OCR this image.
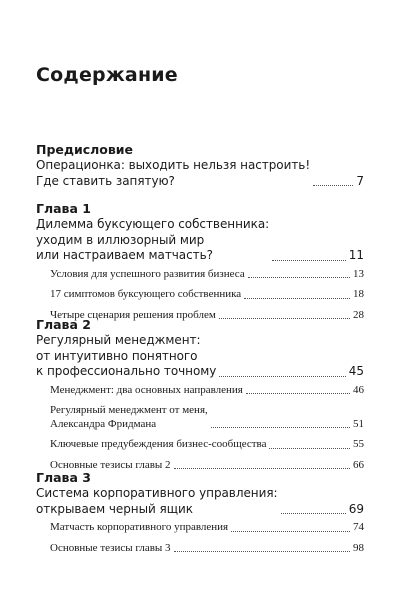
Содержание
Предисловие
Операционка: выходить нельзя настроить!
Где ставить запятую?	7
Глава 1
Дилемма буксующего собственника:
уходим в иллюзорный мир
или настраиваем матчасть?	11
Условия для успешного развития бизнеса	13
17 симптомов буксующего собственника	18
Четыре сценария решения проблем	28
Глава 2
Регулярный менеджмент:
от интуитивно понятного
к профессионально точному	45
Менеджмент: два основных направления	46
Регулярный менеджмент от меня,
Александра Фридмана	51
Ключевые предубеждения бизнес-сообщества	55
Основные тезисы главы 2	66
Глава 3
Система корпоративного управления:
открываем черный ящик	69
Матчасть корпоративного управления	74
Основные тезисы главы 3	98
